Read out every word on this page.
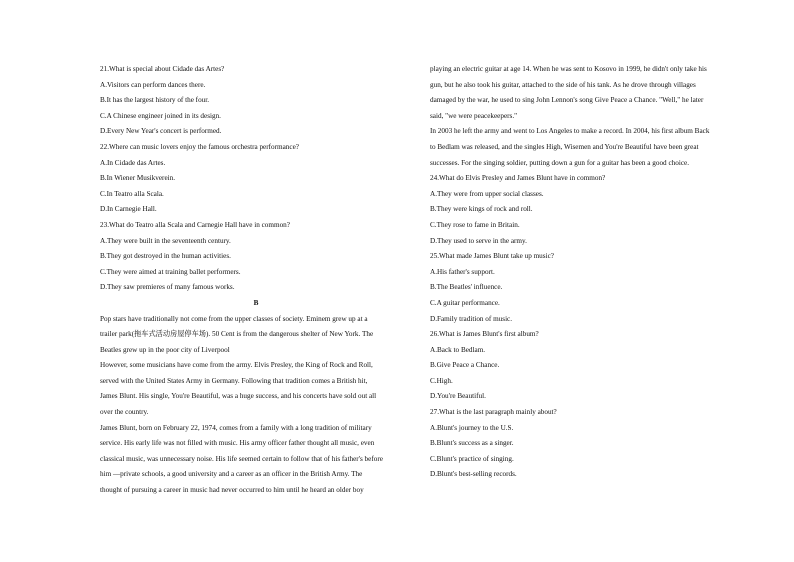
21.What is special about Cidade das Artes?
A.Visitors can perform dances there.
B.It has the largest history of the four.
C.A Chinese engineer joined in its design.
D.Every New Year's concert is performed.
22.Where can music lovers enjoy the famous orchestra performance?
A.In Cidade das Artes.
B.In Wiener Musikverein.
C.In Teatro alla Scala.
D.In Carnegie Hall.
23.What do Teatro alla Scala and Carnegie Hall have in common?
A.They were built in the seventeenth century.
B.They got destroyed in the human activities.
C.They were aimed at training ballet performers.
D.They saw premieres of many famous works.
B
Pop stars have traditionally not come from the upper classes of society. Eminem grew up at a
trailer park(拖车式活动房屋停车场). 50 Cent is from the dangerous shelter of New York. The
Beatles grew up in the poor city of Liverpool
However, some musicians have come from the army. Elvis Presley, the King of Rock and Roll,
served with the United States Army in Germany. Following that tradition comes a British hit,
James Blunt. His single, You're Beautiful, was a huge success, and his concerts have sold out all
over the country.
James Blunt, born on February 22, 1974, comes from a family with a long tradition of military
service. His early life was not filled with music. His army officer father thought all music, even
classical music, was unnecessary noise. His life seemed certain to follow that of his father's before
him —private schools, a good university and a career as an officer in the British Army. The
thought of pursuing a career in music had never occurred to him until he heard an older boy
playing an electric guitar at age 14. When he was sent to Kosovo in 1999, he didn't only take his
gun, but he also took his guitar, attached to the side of his tank. As he drove through villages
damaged by the war, he used to sing John Lennon's song Give Peace a Chance. "Well," he later
said, "we were peacekeepers."
In 2003 he left the army and went to Los Angeles to make a record. In 2004, his first album Back
to Bedlam was released, and the singles High, Wisemen and You're Beautiful have been great
successes. For the singing soldier, putting down a gun for a guitar has been a good choice.
24.What do Elvis Presley and James Blunt have in common?
A.They were from upper social classes.
B.They were kings of rock and roll.
C.They rose to fame in Britain.
D.They used to serve in the army.
25.What made James Blunt take up music?
A.His father's support.
B.The Beatles' influence.
C.A guitar performance.
D.Family tradition of music.
26.What is James Blunt's first album?
A.Back to Bedlam.
B.Give Peace a Chance.
C.High.
D.You're Beautiful.
27.What is the last paragraph mainly about?
A.Blunt's journey to the U.S.
B.Blunt's success as a singer.
C.Blunt's practice of singing.
D.Blunt's best-selling records.
